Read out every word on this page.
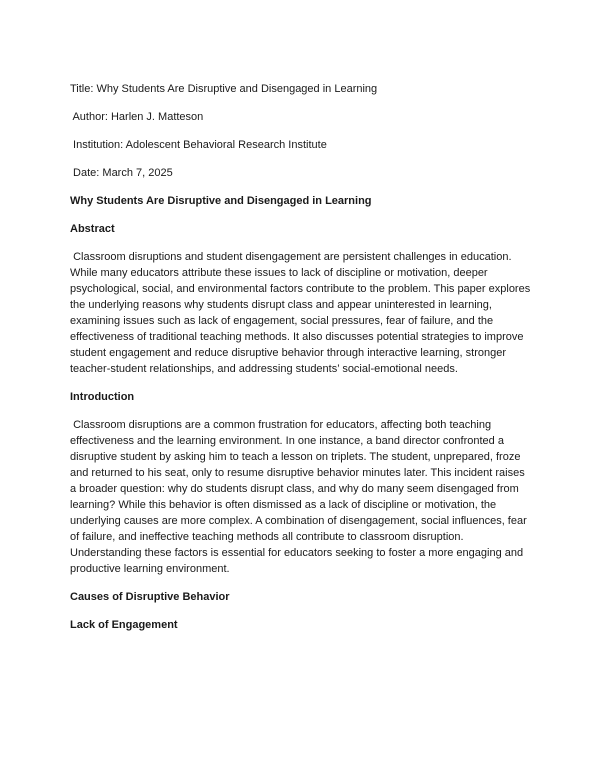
Title: Why Students Are Disruptive and Disengaged in Learning

Author: Harlen J. Matteson

Institution: Adolescent Behavioral Research Institute

Date: March 7, 2025

Why Students Are Disruptive and Disengaged in Learning

Abstract

Classroom disruptions and student disengagement are persistent challenges in education. While many educators attribute these issues to lack of discipline or motivation, deeper psychological, social, and environmental factors contribute to the problem. This paper explores the underlying reasons why students disrupt class and appear uninterested in learning, examining issues such as lack of engagement, social pressures, fear of failure, and the effectiveness of traditional teaching methods. It also discusses potential strategies to improve student engagement and reduce disruptive behavior through interactive learning, stronger teacher-student relationships, and addressing students’ social-emotional needs.

Introduction

Classroom disruptions are a common frustration for educators, affecting both teaching effectiveness and the learning environment. In one instance, a band director confronted a disruptive student by asking him to teach a lesson on triplets. The student, unprepared, froze and returned to his seat, only to resume disruptive behavior minutes later. This incident raises a broader question: why do students disrupt class, and why do many seem disengaged from learning? While this behavior is often dismissed as a lack of discipline or motivation, the underlying causes are more complex. A combination of disengagement, social influences, fear of failure, and ineffective teaching methods all contribute to classroom disruption. Understanding these factors is essential for educators seeking to foster a more engaging and productive learning environment.

Causes of Disruptive Behavior

Lack of Engagement
